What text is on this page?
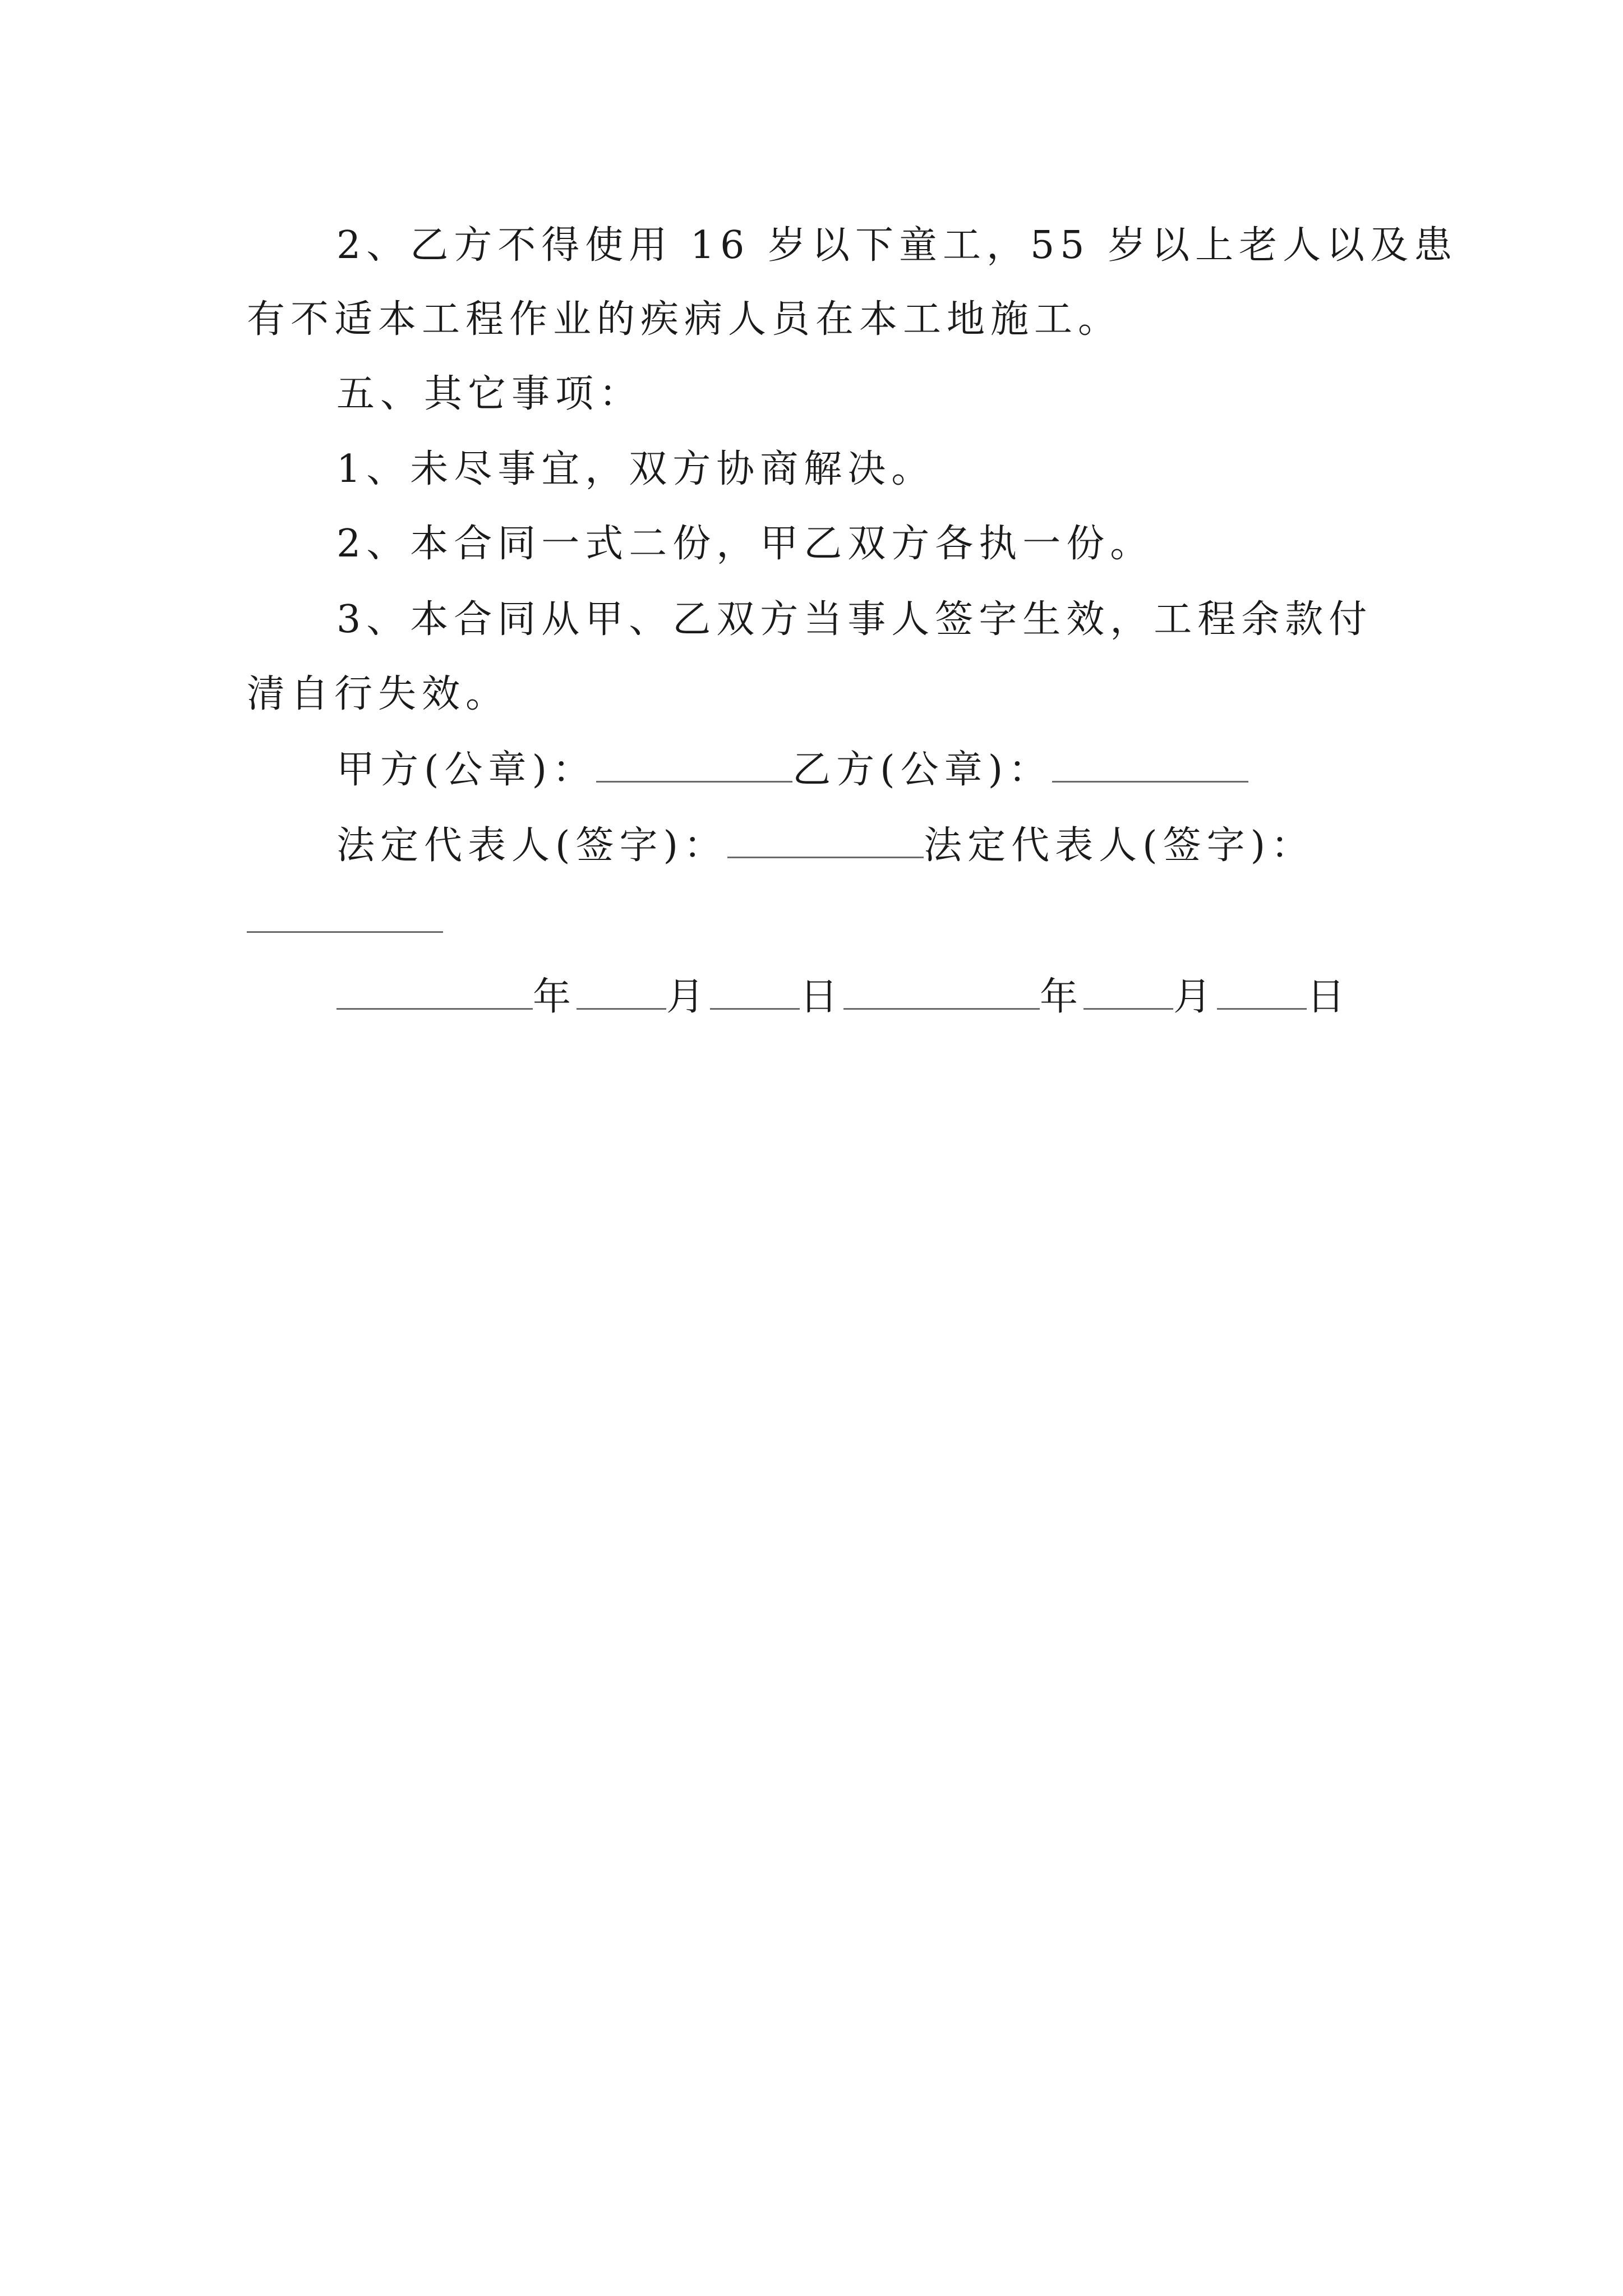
2、乙方不得使用 16 岁以下童工，55 岁以上老人以及患
有不适本工程作业的疾病人员在本工地施工。
五、其它事项：
1、未尽事宜，双方协商解决。
2、本合同一式二份，甲乙双方各执一份。
3、本合同从甲、乙双方当事人签字生效，工程余款付
清自行失效。
甲方(公章)：	乙方(公章)：
法定代表人(签字)：	法定代表人(签字)：
年 月 日	年 月 日
